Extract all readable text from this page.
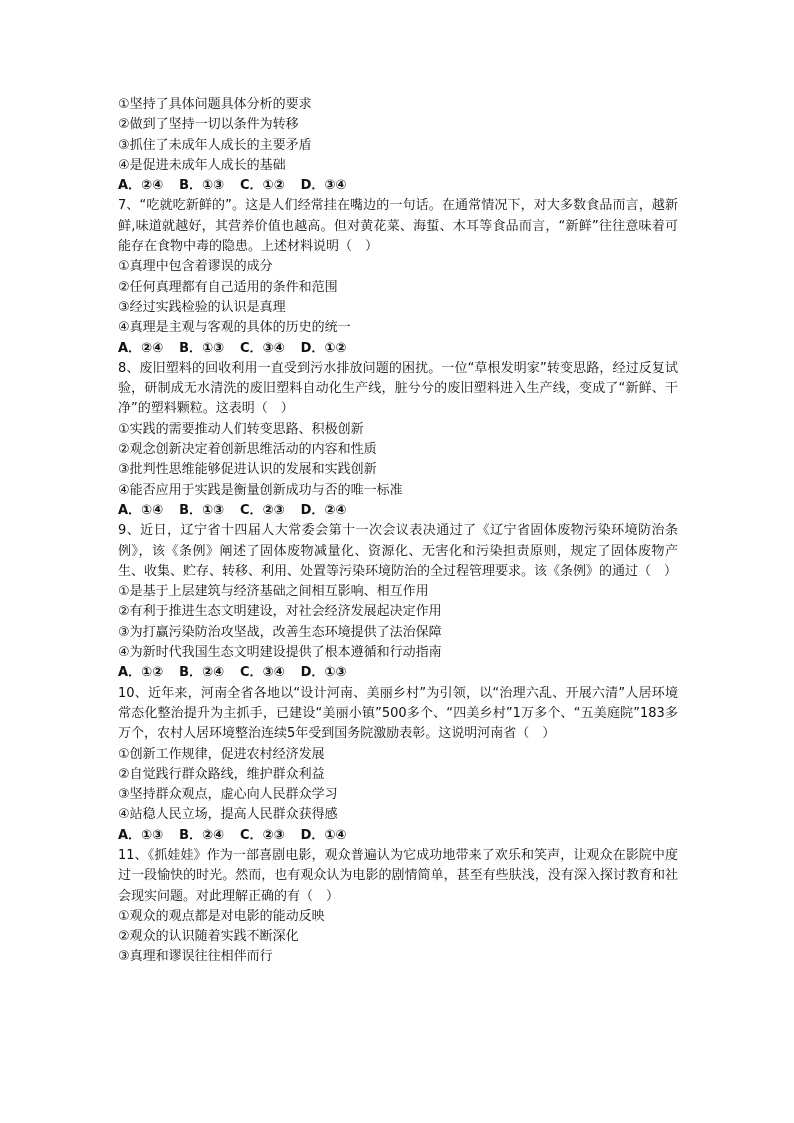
①坚持了具体问题具体分析的要求
②做到了坚持一切以条件为转移
③抓住了未成年人成长的主要矛盾
④是促进未成年人成长的基础
A．②④ B．①③ C．①② D．③④
7、“吃就吃新鲜的”。这是人们经常挂在嘴边的一句话。在通常情况下，对大多数食品而言，越新鲜,味道就越好，其营养价值也越高。但对黄花菜、海蜇、木耳等食品而言，“新鲜”往往意味着可能存在食物中毒的隐患。上述材料说明（　）
①真理中包含着谬误的成分
②任何真理都有自己适用的条件和范围
③经过实践检验的认识是真理
④真理是主观与客观的具体的历史的统一
A．②④ B．①③ C．③④ D．①②
8、废旧塑料的回收利用一直受到污水排放问题的困扰。一位“草根发明家”转变思路，经过反复试验，研制成无水清洗的废旧塑料自动化生产线，脏兮兮的废旧塑料进入生产线，变成了“新鲜、干净”的塑料颗粒。这表明（　）
①实践的需要推动人们转变思路、积极创新
②观念创新决定着创新思维活动的内容和性质
③批判性思维能够促进认识的发展和实践创新
④能否应用于实践是衡量创新成功与否的唯一标准
A．①④ B．①③ C．②③ D．②④
9、近日，辽宁省十四届人大常委会第十一次会议表决通过了《辽宁省固体废物污染环境防治条例》，该《条例》阐述了固体废物减量化、资源化、无害化和污染担责原则，规定了固体废物产生、收集、贮存、转移、利用、处置等污染环境防治的全过程管理要求。该《条例》的通过（　）
①是基于上层建筑与经济基础之间相互影响、相互作用
②有利于推进生态文明建设，对社会经济发展起决定作用
③为打赢污染防治攻坚战，改善生态环境提供了法治保障
④为新时代我国生态文明建设提供了根本遵循和行动指南
A．①② B．②④ C．③④ D．①③
10、近年来，河南全省各地以“设计河南、美丽乡村”为引领，以“治理六乱、开展六清”人居环境常态化整治提升为主抓手，已建设“美丽小镇”500多个、“四美乡村”1万多个、“五美庭院”183多万个，农村人居环境整治连续5年受到国务院激励表彰。这说明河南省（　）
①创新工作规律，促进农村经济发展
②自觉践行群众路线，维护群众利益
③坚持群众观点，虚心向人民群众学习
④站稳人民立场，提高人民群众获得感
A．①③ B．②④ C．②③ D．①④
11、《抓娃娃》作为一部喜剧电影，观众普遍认为它成功地带来了欢乐和笑声，让观众在影院中度过一段愉快的时光。然而，也有观众认为电影的剧情简单，甚至有些肤浅，没有深入探讨教育和社会现实问题。对此理解正确的有（　）
①观众的观点都是对电影的能动反映
②观众的认识随着实践不断深化
③真理和谬误往往相伴而行
